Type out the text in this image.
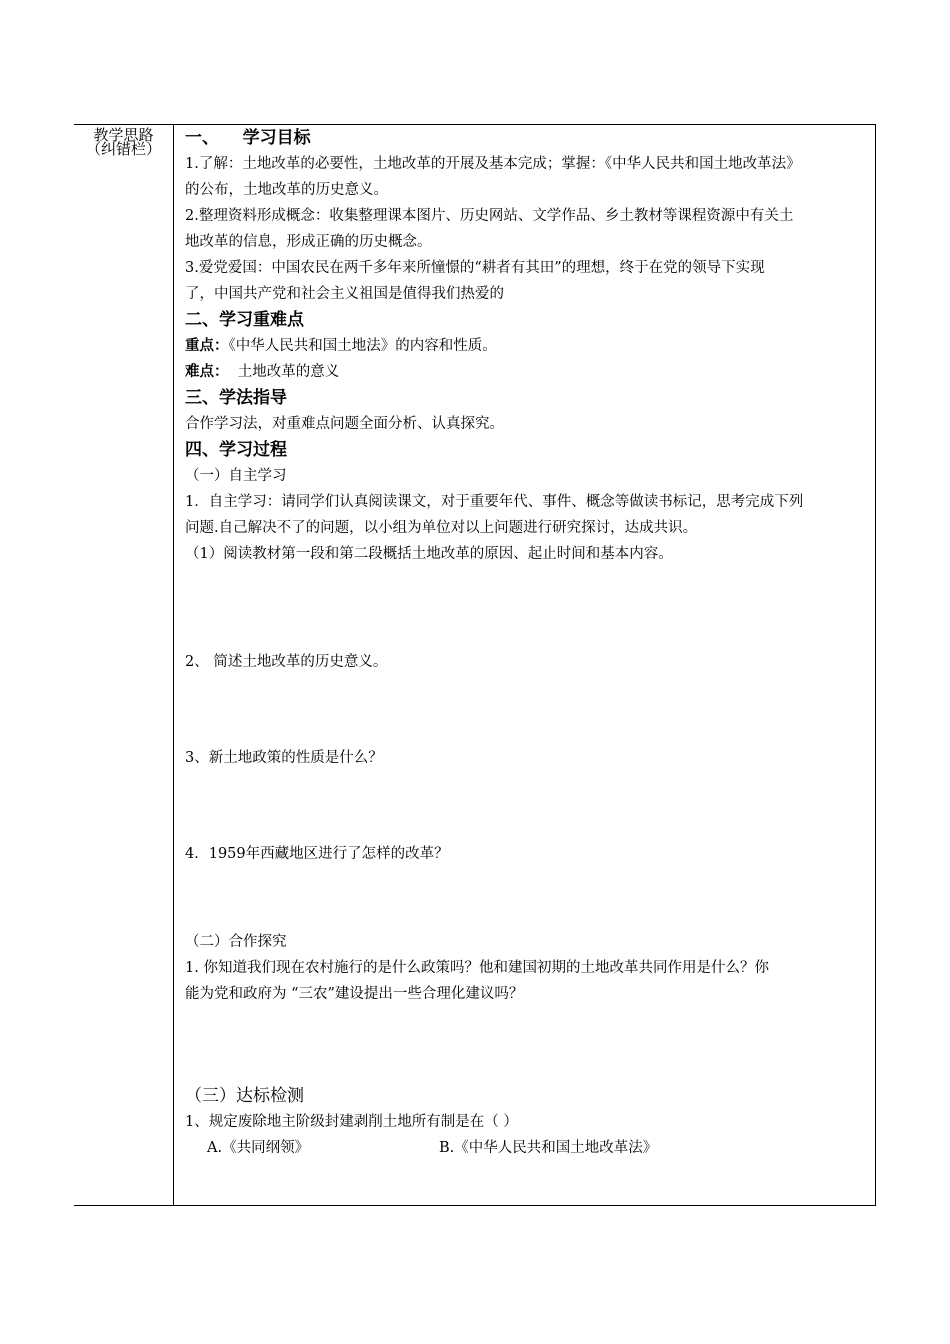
教学思路
（纠错栏）
一、    学习目标
1.了解：土地改革的必要性，土地改革的开展及基本完成；掌握：《中华人民共和国土地改革法》
的公布，土地改革的历史意义。
2.整理资料形成概念：收集整理课本图片、历史网站、文学作品、乡土教材等课程资源中有关土
地改革的信息，形成正确的历史概念。
3.爱党爱国：中国农民在两千多年来所憧憬的“耕者有其田”的理想，终于在党的领导下实现
了，中国共产党和社会主义祖国是值得我们热爱的
二、学习重难点
重点：《中华人民共和国土地法》的内容和性质。
难点：  土地改革的意义
三、学法指导
合作学习法，对重难点问题全面分析、认真探究。
四、学习过程
（一）自主学习
1．自主学习：请同学们认真阅读课文，对于重要年代、事件、概念等做读书标记，思考完成下列
问题.自己解决不了的问题，以小组为单位对以上问题进行研究探讨，达成共识。
（1）阅读教材第一段和第二段概括土地改革的原因、起止时间和基本内容。
2、 简述土地改革的历史意义。
3、新土地政策的性质是什么？
4．1959年西藏地区进行了怎样的改革？
（二）合作探究
1. 你知道我们现在农村施行的是什么政策吗？他和建国初期的土地改革共同作用是什么？你
能为党和政府为 “三农”建设提出一些合理化建议吗？
（三）达标检测
1、规定废除地主阶级封建剥削土地所有制是在（ ）
A.《共同纲领》	B.《中华人民共和国土地改革法》
